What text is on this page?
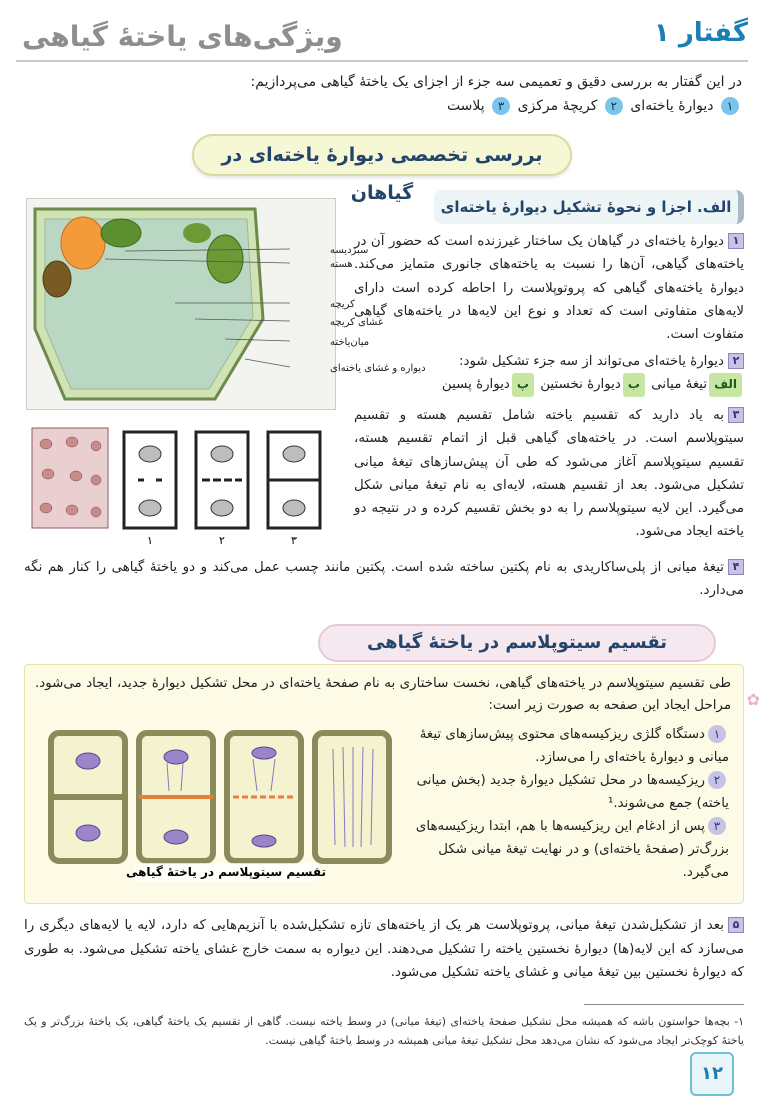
گفتار ۱
ویژگی‌های یاختهٔ گیاهی
در این گفتار به بررسی دقیق و تعمیمی سه جزء از اجزای یک یاختهٔ گیاهی می‌پردازیم:
۱ دیوارهٔ یاخته‌ای ۲ کریچهٔ مرکزی ۳ پلاست
بررسی تخصصی دیوارهٔ یاخته‌ای در گیاهان
الف. اجزا و نحوهٔ تشکیل دیوارهٔ یاخته‌ای
سبزدیسه
هسته
کریچه
غشای کریچه
میان‌یاخته
دیواره و غشای یاخته‌ای
۱	۲	۳
۱دیوارهٔ یاخته‌ای در گیاهان یک ساختار غیرزنده است که حضور آن در یاخته‌های گیاهی، آن‌ها را نسبت به یاخته‌های جانوری متمایز می‌کند. دیوارهٔ یاخته‌های گیاهی که پروتوپلاست را احاطه کرده است دارای لایه‌های متفاوتی است که تعداد و نوع این لایه‌ها در یاخته‌های گیاهی متفاوت است.
۲دیوارهٔ یاخته‌ای می‌تواند از سه جزء تشکیل شود:
الفتیغهٔ میانی بدیوارهٔ نخستین پدیوارهٔ پسین
۳به یاد دارید که تقسیم یاخته شامل تقسیم هسته و تقسیم سیتوپلاسم است. در یاخته‌های گیاهی قبل از اتمام تقسیم هسته، تقسیم سیتوپلاسم آغاز می‌شود که طی آن پیش‌سازهای تیغهٔ میانی تشکیل می‌شود. بعد از تقسیم هسته، لایه‌ای به نام تیغهٔ میانی شکل می‌گیرد. این لایه سیتوپلاسم را به دو بخش تقسیم کرده و در نتیجه دو یاخته ایجاد می‌شود.
۴تیغهٔ میانی از پلی‌ساکاریدی به نام پکتین ساخته شده است. پکتین مانند چسب عمل می‌کند و دو یاختهٔ گیاهی را کنار هم نگه می‌دارد.
تقسیم سیتوپلاسم در یاختهٔ گیاهی
✿
طی تقسیم سیتوپلاسم در یاخته‌های گیاهی، نخست ساختاری به نام صفحهٔ یاخته‌ای در محل تشکیل دیوارهٔ جدید، ایجاد می‌شود. مراحل ایجاد این صفحه به صورت زیر است:
تقسیم سیتوپلاسم در یاختهٔ گیاهی
۱دستگاه گلژی ریزکیسه‌های محتوی پیش‌سازهای تیغهٔ میانی و دیوارهٔ یاخته‌ای را می‌سازد.
۲ریزکیسه‌ها در محل تشکیل دیوارهٔ جدید (بخش میانی یاخته) جمع می‌شوند.¹
۳پس از ادغام این ریزکیسه‌ها با هم، ابتدا ریزکیسه‌های بزرگ‌تر (صفحهٔ یاخته‌ای) و در نهایت تیغهٔ میانی شکل می‌گیرد.
۵بعد از تشکیل‌شدن تیغهٔ میانی، پروتوپلاست هر یک از یاخته‌های تازه تشکیل‌شده با آنزیم‌هایی که دارد، لایه یا لایه‌های دیگری را می‌سازد که این لایه(ها) دیوارهٔ نخستین یاخته را تشکیل می‌دهند. این دیواره به سمت خارج غشای یاخته تشکیل می‌شود. به طوری که دیوارهٔ نخستین بین تیغهٔ میانی و غشای یاخته تشکیل می‌شود.
۱- بچه‌ها حواستون باشه که همیشه محل تشکیل صفحهٔ یاخته‌ای (تیغهٔ میانی) در وسط یاخته نیست. گاهی از تقسیم یک یاختهٔ گیاهی، یک یاختهٔ بزرگ‌تر و یک یاختهٔ کوچک‌تر ایجاد می‌شود که نشان می‌دهد محل تشکیل تیغهٔ میانی همیشه در وسط یاختهٔ گیاهی نیست.
۱۲
